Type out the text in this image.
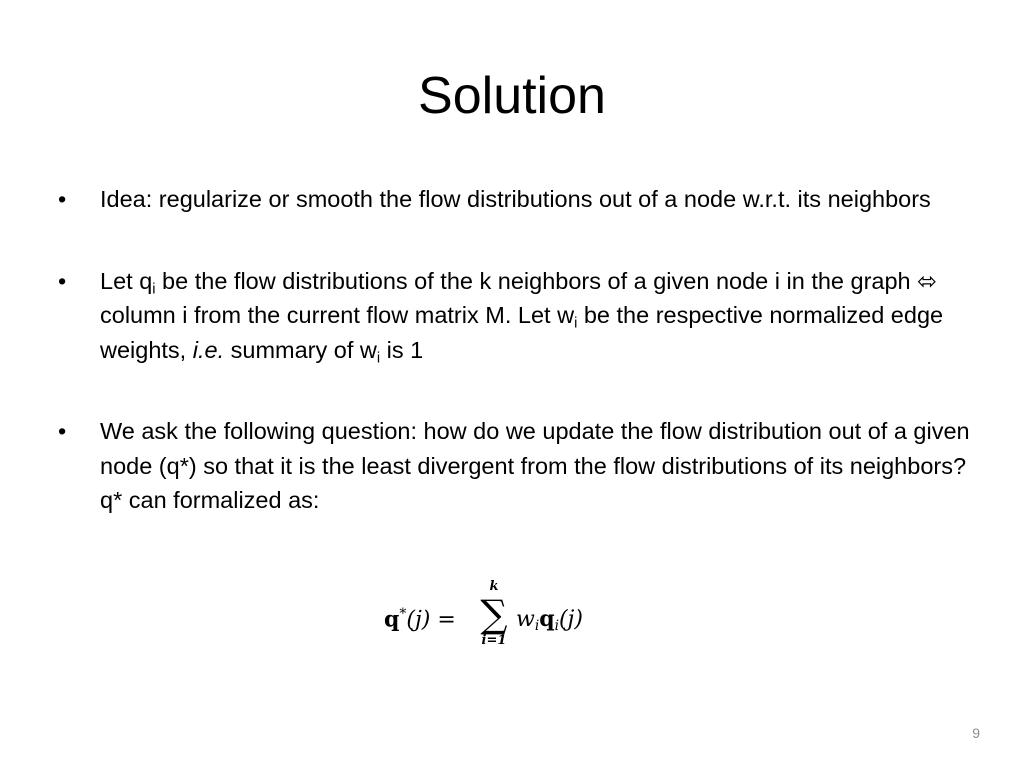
Solution
•	Idea: regularize or smooth the flow distributions out of a node w.r.t. its neighbors
•	Let $q_i$ be the flow distributions of the k neighbors of a given node i in the graph ⬄ column i from the current flow matrix M. Let $w_i$ be the respective normalized edge weights, i.e. summary of $w_i$ is 1
•	We ask the following question: how do we update the flow distribution out of a given node (q*) so that it is the least divergent from the flow distributions of its neighbors? q* can formalized as:
q*(j) =
k
∑
i=1
$w_iq_i(j)$
9
